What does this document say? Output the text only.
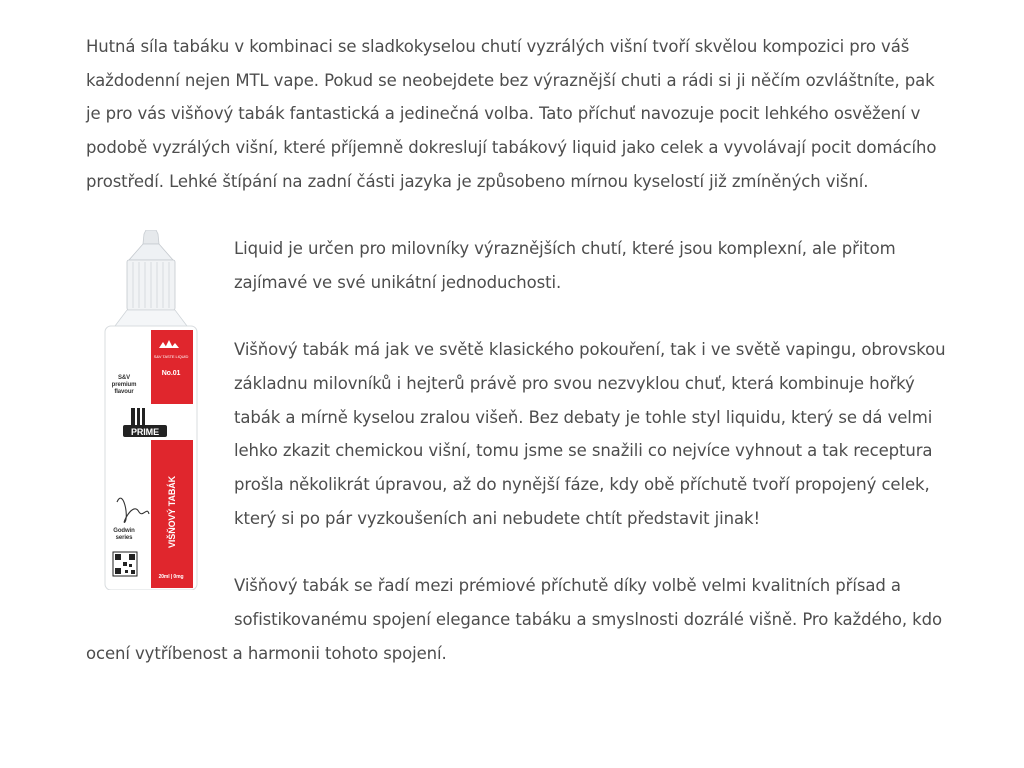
Hutná síla tabáku v kombinaci se sladkokyselou chutí vyzrálých višní tvoří skvělou kompozici pro váš každodenní nejen MTL vape. Pokud se neobejdete bez výraznější chuti a rádi si ji něčím ozvláštníte, pak je pro vás višňový tabák fantastická a jedinečná volba. Tato příchuť navozuje pocit lehkého osvěžení v podobě vyzrálých višní, které příjemně dokreslují tabákový liquid jako celek a vyvolávají pocit domácího prostředí. Lehké štípání na zadní části jazyka je způsobeno mírnou kyselostí již zmíněných višní.

S&V premium flavour
S&V TASTE LIQUID
No.01
PRIME
VIŠŇOVÝ TABÁK
Godwin series
20ml | 0mg

Liquid je určen pro milovníky výraznějších chutí, které jsou komplexní, ale přitom zajímavé ve své unikátní jednoduchosti.

Višňový tabák má jak ve světě klasického pokouření, tak i ve světě vapingu, obrovskou základnu milovníků i hejterů právě pro svou nezvyklou chuť, která kombinuje hořký tabák a mírně kyselou zralou višeň. Bez debaty je tohle styl liquidu, který se dá velmi lehko zkazit chemickou višní, tomu jsme se snažili co nejvíce vyhnout a tak receptura prošla několikrát úpravou, až do nynější fáze, kdy obě příchutě tvoří propojený celek, který si po pár vyzkoušeních ani nebudete chtít představit jinak!

Višňový tabák se řadí mezi prémiové příchutě díky volbě velmi kvalitních přísad a sofistikovanému spojení elegance tabáku a smyslnosti dozrálé višně. Pro každého, kdo ocení vytříbenost a harmonii tohoto spojení.
